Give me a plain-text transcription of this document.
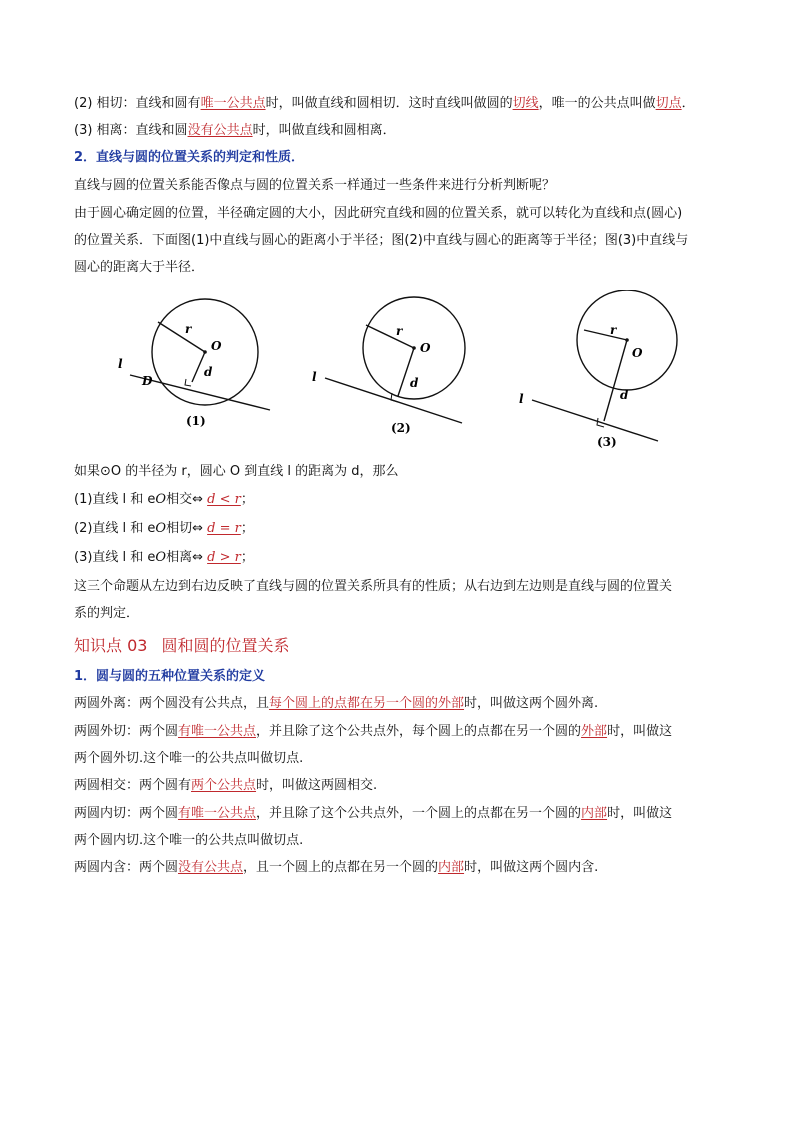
(2) 相切：直线和圆有唯一公共点时，叫做直线和圆相切．这时直线叫做圆的切线，唯一的公共点叫做切点．
(3) 相离：直线和圆没有公共点时，叫做直线和圆相离．
2．直线与圆的位置关系的判定和性质．
直线与圆的位置关系能否像点与圆的位置关系一样通过一些条件来进行分析判断呢？
由于圆心确定圆的位置，半径确定圆的大小，因此研究直线和圆的位置关系，就可以转化为直线和点(圆心)
的位置关系．下面图(1)中直线与圆心的距离小于半径；图(2)中直线与圆心的距离等于半径；图(3)中直线与
圆心的距离大于半径．
r
O
d
l
D
(1)
r
O
d
l
(2)
r
O
d
l
(3)
如果⊙O 的半径为 r，圆心 O 到直线 l 的距离为 d，那么
(1)直线 l 和 eO相交⇔ d < r；
(2)直线 l 和 eO相切⇔ d = r；
(3)直线 l 和 eO相离⇔ d > r；
这三个命题从左边到右边反映了直线与圆的位置关系所具有的性质；从右边到左边则是直线与圆的位置关
系的判定．
知识点 03 圆和圆的位置关系
1．圆与圆的五种位置关系的定义
两圆外离：两个圆没有公共点，且每个圆上的点都在另一个圆的外部时，叫做这两个圆外离.
两圆外切：两个圆有唯一公共点，并且除了这个公共点外，每个圆上的点都在另一个圆的外部时，叫做这
两个圆外切.这个唯一的公共点叫做切点.
两圆相交：两个圆有两个公共点时，叫做这两圆相交.
两圆内切：两个圆有唯一公共点，并且除了这个公共点外，一个圆上的点都在另一个圆的内部时，叫做这
两个圆内切.这个唯一的公共点叫做切点.
两圆内含：两个圆没有公共点，且一个圆上的点都在另一个圆的内部时，叫做这两个圆内含.
